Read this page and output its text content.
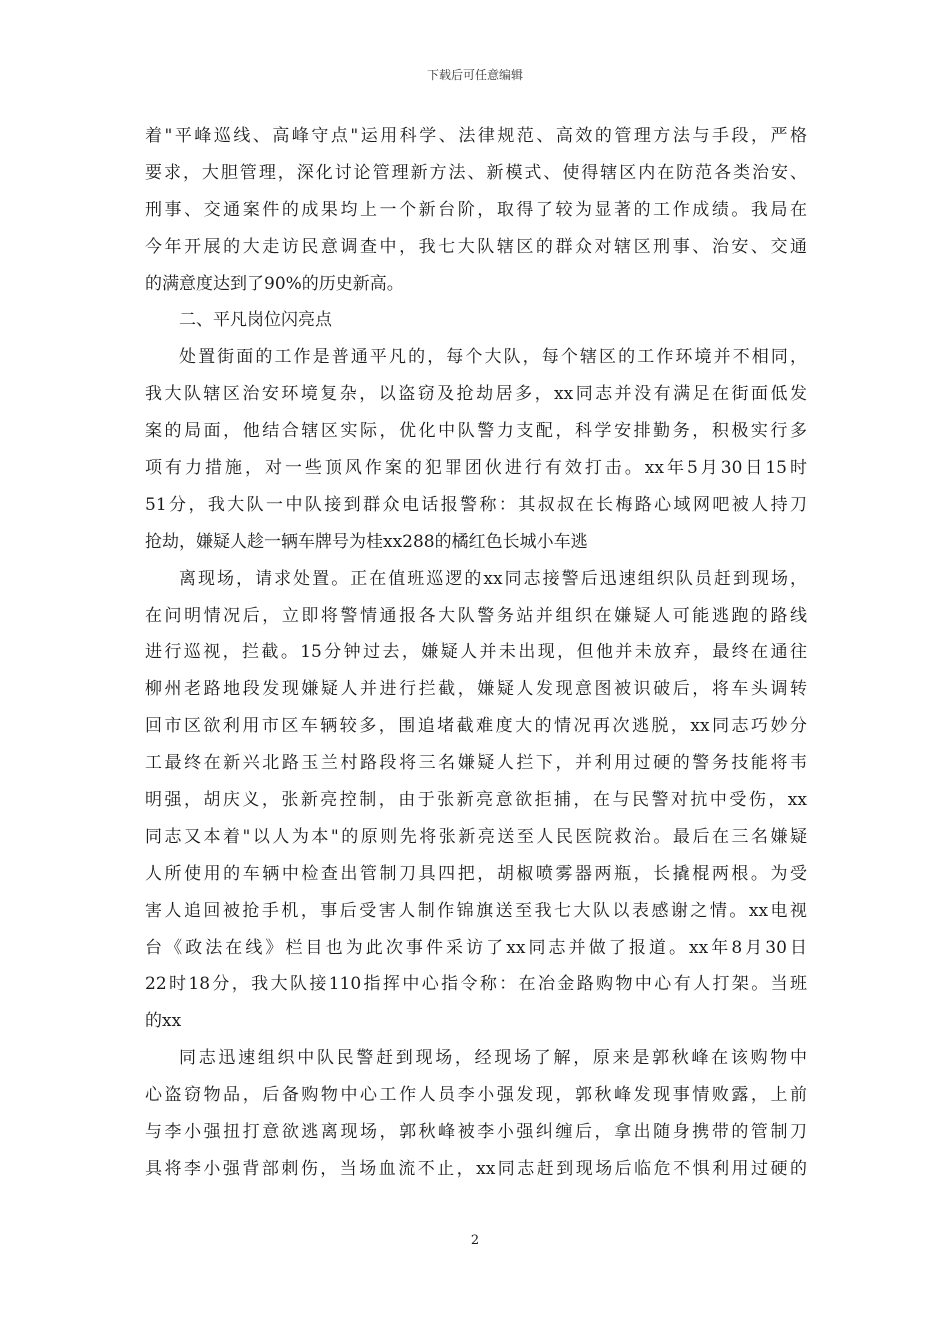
下载后可任意编辑
着"平峰巡线、高峰守点"运用科学、法律规范、高效的管理方法与手段，严格
要求，大胆管理，深化讨论管理新方法、新模式、使得辖区内在防范各类治安、
刑事、交通案件的成果均上一个新台阶，取得了较为显著的工作成绩。我局在
今年开展的大走访民意调查中，我七大队辖区的群众对辖区刑事、治安、交通
的满意度达到了90%的历史新高。
二、平凡岗位闪亮点
处置街面的工作是普通平凡的，每个大队，每个辖区的工作环境并不相同，
我大队辖区治安环境复杂，以盗窃及抢劫居多，xx同志并没有满足在街面低发
案的局面，他结合辖区实际，优化中队警力支配，科学安排勤务，积极实行多
项有力措施，对一些顶风作案的犯罪团伙进行有效打击。xx年5月30日15时
51分，我大队一中队接到群众电话报警称：其叔叔在长梅路心域网吧被人持刀
抢劫，嫌疑人趁一辆车牌号为桂xx288的橘红色长城小车逃
离现场，请求处置。正在值班巡逻的xx同志接警后迅速组织队员赶到现场，
在问明情况后，立即将警情通报各大队警务站并组织在嫌疑人可能逃跑的路线
进行巡视，拦截。15分钟过去，嫌疑人并未出现，但他并未放弃，最终在通往
柳州老路地段发现嫌疑人并进行拦截，嫌疑人发现意图被识破后，将车头调转
回市区欲利用市区车辆较多，围追堵截难度大的情况再次逃脱，xx同志巧妙分
工最终在新兴北路玉兰村路段将三名嫌疑人拦下，并利用过硬的警务技能将韦
明强，胡庆义，张新亮控制，由于张新亮意欲拒捕，在与民警对抗中受伤，xx
同志又本着"以人为本"的原则先将张新亮送至人民医院救治。最后在三名嫌疑
人所使用的车辆中检查出管制刀具四把，胡椒喷雾器两瓶，长撬棍两根。为受
害人追回被抢手机，事后受害人制作锦旗送至我七大队以表感谢之情。xx电视
台《政法在线》栏目也为此次事件采访了xx同志并做了报道。xx年8月30日
22时18分，我大队接110指挥中心指令称：在冶金路购物中心有人打架。当班
的xx
同志迅速组织中队民警赶到现场，经现场了解，原来是郭秋峰在该购物中
心盗窃物品，后备购物中心工作人员李小强发现，郭秋峰发现事情败露，上前
与李小强扭打意欲逃离现场，郭秋峰被李小强纠缠后，拿出随身携带的管制刀
具将李小强背部刺伤，当场血流不止，xx同志赶到现场后临危不惧利用过硬的
2
